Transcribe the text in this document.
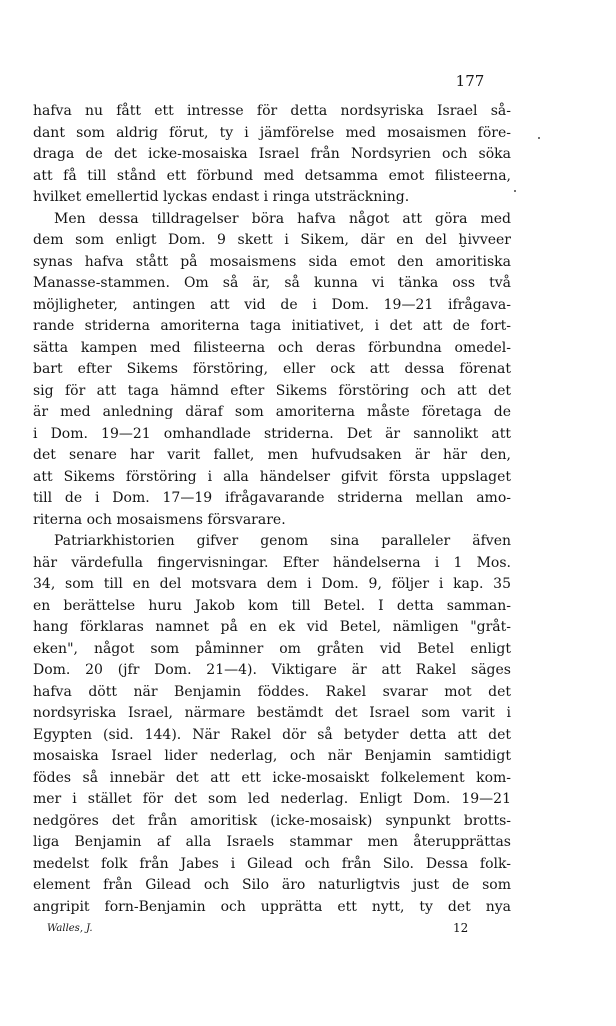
177
hafva nu fått ett intresse för detta nordsyriska Israel så-
dant som aldrig förut, ty i jämförelse med mosaismen före-
draga de det icke-mosaiska Israel från Nordsyrien och söka
att få till stånd ett förbund med detsamma emot filisteerna,
hvilket emellertid lyckas endast i ringa utsträckning.
Men dessa tilldragelser böra hafva något att göra med
dem som enligt Dom. 9 skett i Sikem, där en del ḫivveer
synas hafva stått på mosaismens sida emot den amoritiska
Manasse-stammen. Om så är, så kunna vi tänka oss två
möjligheter, antingen att vid de i Dom. 19—21 ifrågava-
rande striderna amoriterna taga initiativet, i det att de fort-
sätta kampen med filisteerna och deras förbundna omedel-
bart efter Sikems förstöring, eller ock att dessa förenat
sig för att taga hämnd efter Sikems förstöring och att det
är med anledning däraf som amoriterna måste företaga de
i Dom. 19—21 omhandlade striderna. Det är sannolikt att
det senare har varit fallet, men hufvudsaken är här den,
att Sikems förstöring i alla händelser gifvit första uppslaget
till de i Dom. 17—19 ifrågavarande striderna mellan amo-
riterna och mosaismens försvarare.
Patriarkhistorien gifver genom sina paralleler äfven
här värdefulla fingervisningar. Efter händelserna i 1 Mos.
34, som till en del motsvara dem i Dom. 9, följer i kap. 35
en berättelse huru Jakob kom till Betel. I detta samman-
hang förklaras namnet på en ek vid Betel, nämligen "gråt-
eken", något som påminner om gråten vid Betel enligt
Dom. 20 (jfr Dom. 21—4). Viktigare är att Rakel säges
hafva dött när Benjamin föddes. Rakel svarar mot det
nordsyriska Israel, närmare bestämdt det Israel som varit i
Egypten (sid. 144). När Rakel dör så betyder detta att det
mosaiska Israel lider nederlag, och när Benjamin samtidigt
födes så innebär det att ett icke-mosaiskt folkelement kom-
mer i stället för det som led nederlag. Enligt Dom. 19—21
nedgöres det från amoritisk (icke-mosaisk) synpunkt brotts-
liga Benjamin af alla Israels stammar men återupprättas
medelst folk från Jabes i Gilead och från Silo. Dessa folk-
element från Gilead och Silo äro naturligtvis just de som
angripit forn-Benjamin och upprätta ett nytt, ty det nya
Walles, J.	12
